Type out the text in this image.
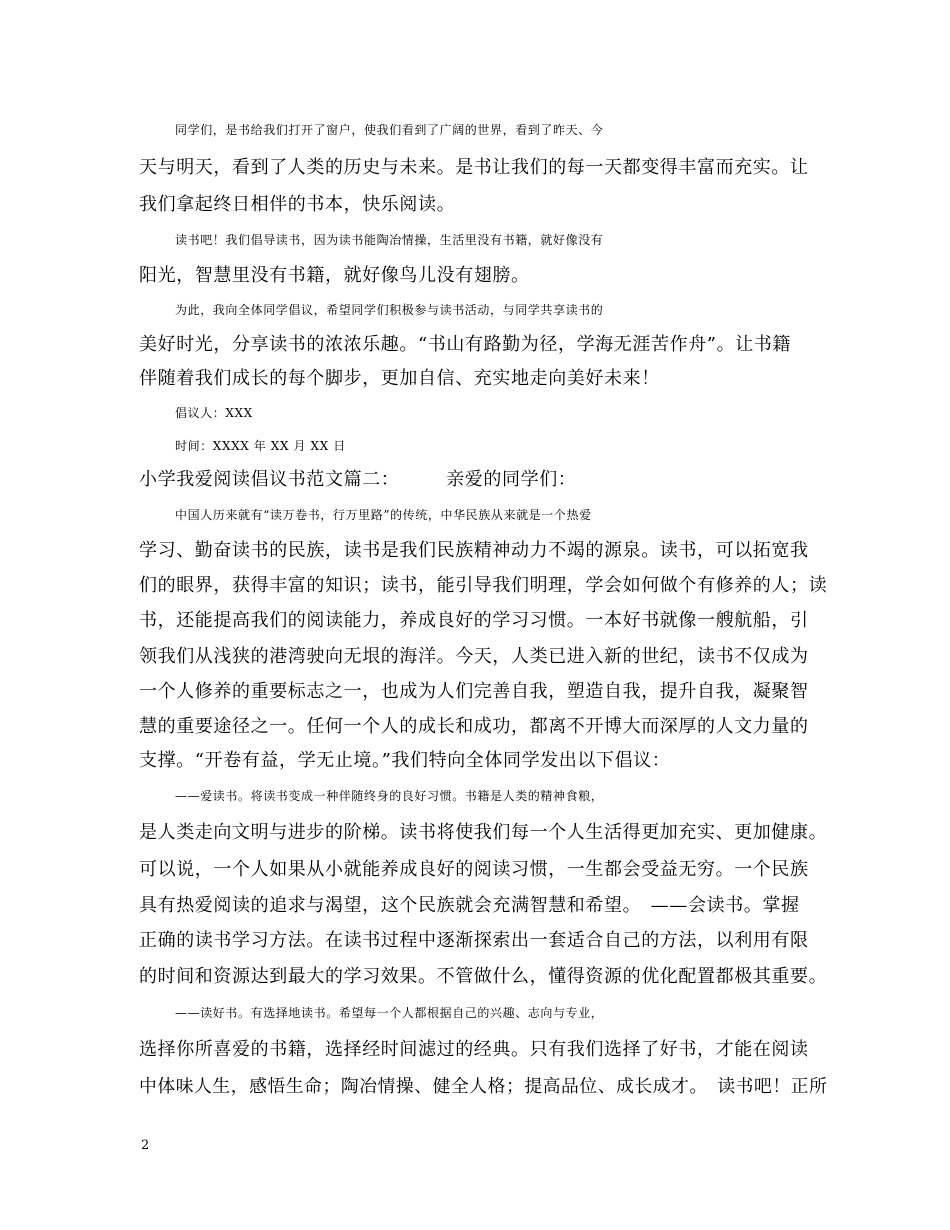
同学们，是书给我们打开了窗户，使我们看到了广阔的世界，看到了昨天、今
天与明天，看到了人类的历史与未来。是书让我们的每一天都变得丰富而充实。让
我们拿起终日相伴的书本，快乐阅读。
读书吧！我们倡导读书，因为读书能陶冶情操，生活里没有书籍，就好像没有
阳光，智慧里没有书籍，就好像鸟儿没有翅膀。
为此，我向全体同学倡议，希望同学们积极参与读书活动，与同学共享读书的
美好时光，分享读书的浓浓乐趣。“书山有路勤为径，学海无涯苦作舟”。让书籍
伴随着我们成长的每个脚步，更加自信、充实地走向美好未来！
倡议人：XXX
时间：XXXX 年 XX 月 XX 日
小学我爱阅读倡议书范文篇二：　　　亲爱的同学们：
中国人历来就有“读万卷书，行万里路”的传统，中华民族从来就是一个热爱
学习、勤奋读书的民族，读书是我们民族精神动力不竭的源泉。读书，可以拓宽我
们的眼界，获得丰富的知识；读书，能引导我们明理，学会如何做个有修养的人；读
书，还能提高我们的阅读能力，养成良好的学习习惯。一本好书就像一艘航船，引
领我们从浅狭的港湾驶向无垠的海洋。今天，人类已进入新的世纪，读书不仅成为
一个人修养的重要标志之一，也成为人们完善自我，塑造自我，提升自我，凝聚智
慧的重要途径之一。任何一个人的成长和成功，都离不开博大而深厚的人文力量的
支撑。“开卷有益，学无止境。”我们特向全体同学发出以下倡议：
——爱读书。将读书变成一种伴随终身的良好习惯。书籍是人类的精神食粮，
是人类走向文明与进步的阶梯。读书将使我们每一个人生活得更加充实、更加健康。
可以说，一个人如果从小就能养成良好的阅读习惯，一生都会受益无穷。一个民族
具有热爱阅读的追求与渴望，这个民族就会充满智慧和希望。　——会读书。掌握
正确的读书学习方法。在读书过程中逐渐探索出一套适合自己的方法，以利用有限
的时间和资源达到最大的学习效果。不管做什么，懂得资源的优化配置都极其重要。
——读好书。有选择地读书。希望每一个人都根据自己的兴趣、志向与专业，
选择你所喜爱的书籍，选择经时间滤过的经典。只有我们选择了好书，才能在阅读
中体味人生，感悟生命；陶冶情操、健全人格；提高品位、成长成才。　读书吧！正所
2
